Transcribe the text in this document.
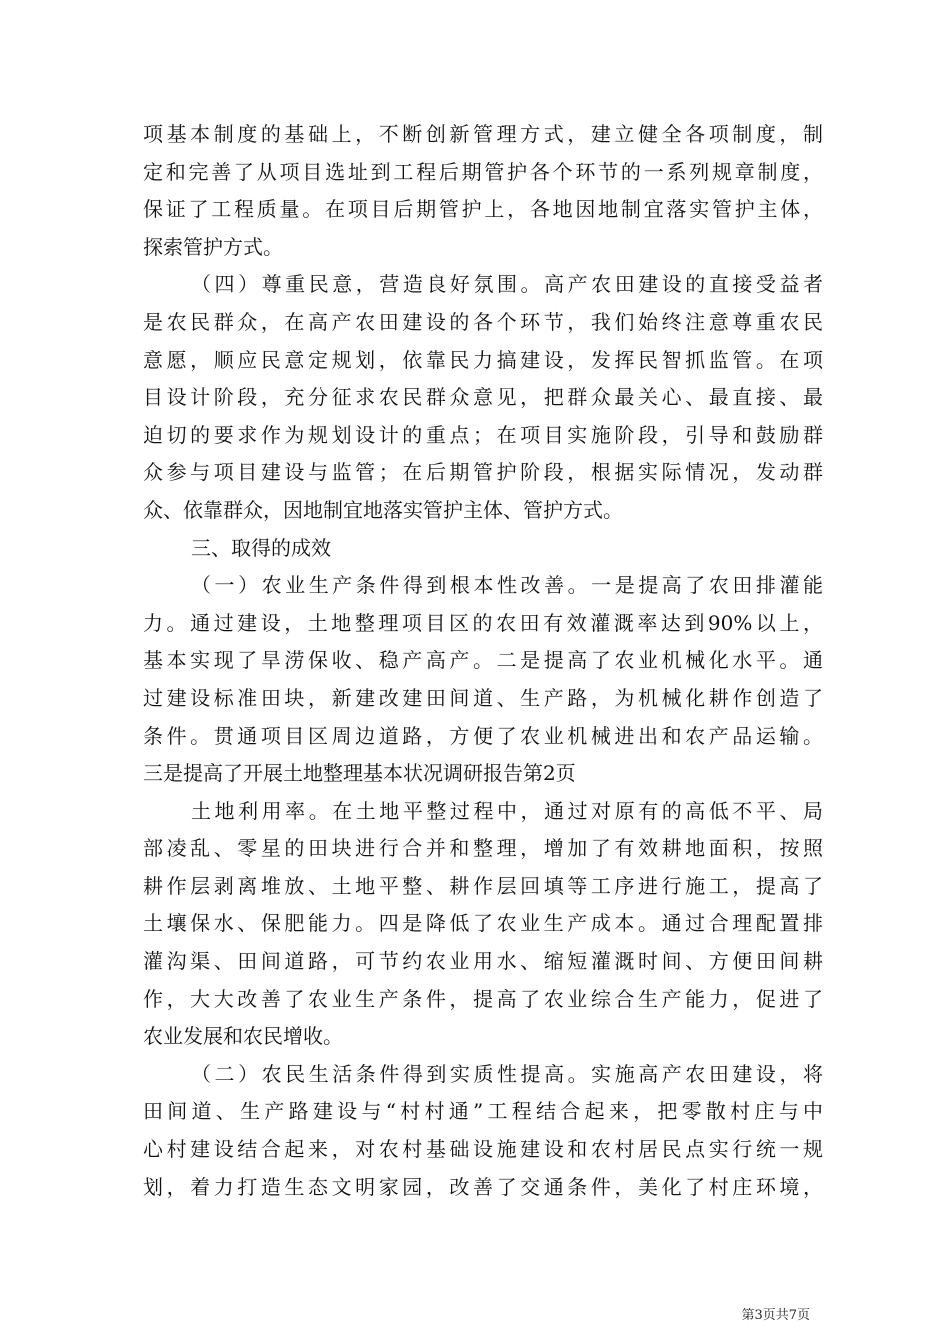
项基本制度的基础上，不断创新管理方式，建立健全各项制度，制
定和完善了从项目选址到工程后期管护各个环节的一系列规章制度，
保证了工程质量。在项目后期管护上，各地因地制宜落实管护主体，
探索管护方式。
（四）尊重民意，营造良好氛围。高产农田建设的直接受益者
是农民群众，在高产农田建设的各个环节，我们始终注意尊重农民
意愿，顺应民意定规划，依靠民力搞建设，发挥民智抓监管。在项
目设计阶段，充分征求农民群众意见，把群众最关心、最直接、最
迫切的要求作为规划设计的重点；在项目实施阶段，引导和鼓励群
众参与项目建设与监管；在后期管护阶段，根据实际情况，发动群
众、依靠群众，因地制宜地落实管护主体、管护方式。
三、取得的成效
（一）农业生产条件得到根本性改善。一是提高了农田排灌能
力。通过建设，土地整理项目区的农田有效灌溉率达到90%以上，
基本实现了旱涝保收、稳产高产。二是提高了农业机械化水平。通
过建设标准田块，新建改建田间道、生产路，为机械化耕作创造了
条件。贯通项目区周边道路，方便了农业机械进出和农产品运输。
三是提高了开展土地整理基本状况调研报告第2页
土地利用率。在土地平整过程中，通过对原有的高低不平、局
部凌乱、零星的田块进行合并和整理，增加了有效耕地面积，按照
耕作层剥离堆放、土地平整、耕作层回填等工序进行施工，提高了
土壤保水、保肥能力。四是降低了农业生产成本。通过合理配置排
灌沟渠、田间道路，可节约农业用水、缩短灌溉时间、方便田间耕
作，大大改善了农业生产条件，提高了农业综合生产能力，促进了
农业发展和农民增收。
（二）农民生活条件得到实质性提高。实施高产农田建设，将
田间道、生产路建设与“村村通”工程结合起来，把零散村庄与中
心村建设结合起来，对农村基础设施建设和农村居民点实行统一规
划，着力打造生态文明家园，改善了交通条件，美化了村庄环境，
第3页共7页
